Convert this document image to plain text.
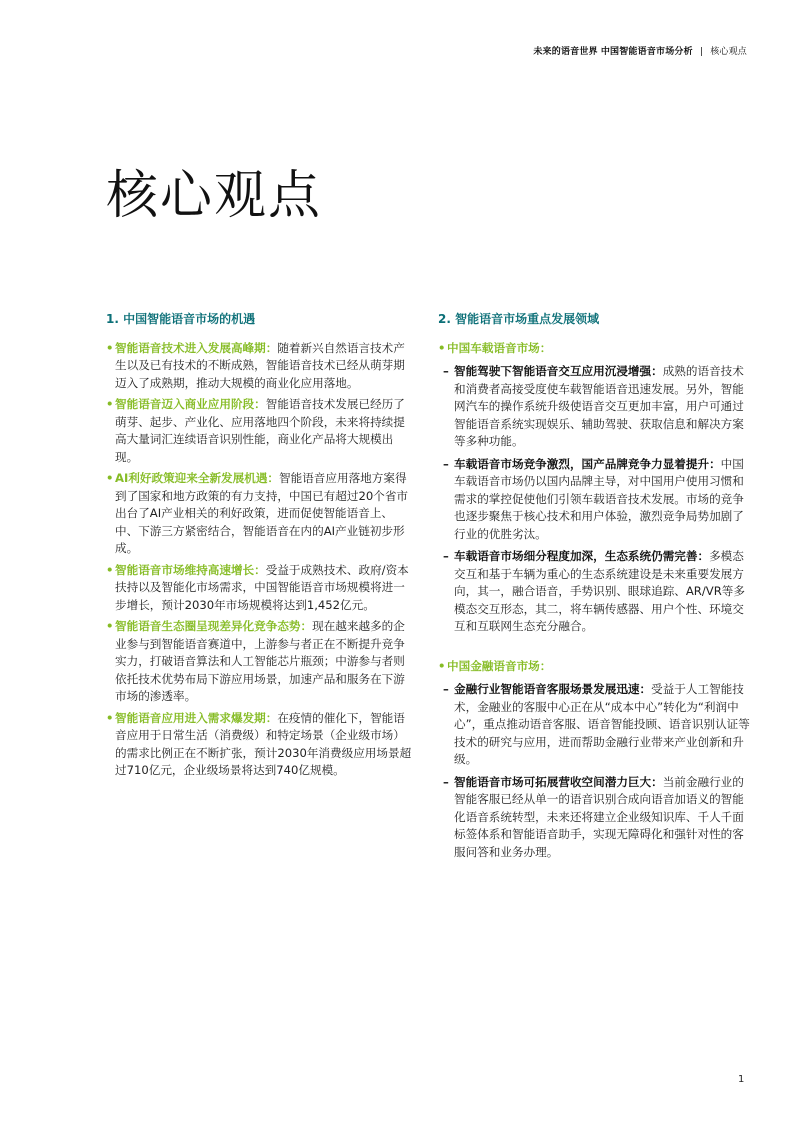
未来的语音世界 中国智能语音市场分析 | 核心观点
核心观点
1. 中国智能语音市场的机遇
• 智能语音技术进入发展高峰期：随着新兴自然语言技术产生以及已有技术的不断成熟，智能语音技术已经从萌芽期迈入了成熟期，推动大规模的商业化应用落地。
• 智能语音迈入商业应用阶段：智能语音技术发展已经历了萌芽、起步、产业化、应用落地四个阶段，未来将持续提高大量词汇连续语音识别性能，商业化产品将大规模出现。
• AI利好政策迎来全新发展机遇：智能语音应用落地方案得到了国家和地方政策的有力支持，中国已有超过20个省市出台了AI产业相关的利好政策，进而促使智能语音上、中、下游三方紧密结合，智能语音在内的AI产业链初步形成。
• 智能语音市场维持高速增长：受益于成熟技术、政府/资本扶持以及智能化市场需求，中国智能语音市场规模将进一步增长，预计2030年市场规模将达到1,452亿元。
• 智能语音生态圈呈现差异化竞争态势：现在越来越多的企业参与到智能语音赛道中，上游参与者正在不断提升竞争实力，打破语音算法和人工智能芯片瓶颈；中游参与者则依托技术优势布局下游应用场景，加速产品和服务在下游市场的渗透率。
• 智能语音应用进入需求爆发期：在疫情的催化下，智能语音应用于日常生活（消费级）和特定场景（企业级市场）的需求比例正在不断扩张，预计2030年消费级应用场景超过710亿元，企业级场景将达到740亿规模。
2. 智能语音市场重点发展领域
• 中国车载语音市场：
– 智能驾驶下智能语音交互应用沉浸增强：成熟的语音技术和消费者高接受度使车载智能语音迅速发展。另外，智能网汽车的操作系统升级使语音交互更加丰富，用户可通过智能语音系统实现娱乐、辅助驾驶、获取信息和解决方案等多种功能。
– 车载语音市场竞争激烈，国产品牌竞争力显着提升：中国车载语音市场仍以国内品牌主导，对中国用户使用习惯和需求的掌控促使他们引领车载语音技术发展。市场的竞争也逐步聚焦于核心技术和用户体验，激烈竞争局势加剧了行业的优胜劣汰。
– 车载语音市场细分程度加深，生态系统仍需完善：多模态交互和基于车辆为重心的生态系统建设是未来重要发展方向，其一，融合语音，手势识别、眼球追踪、AR/VR等多模态交互形态，其二，将车辆传感器、用户个性、环境交互和互联网生态充分融合。
• 中国金融语音市场：
– 金融行业智能语音客服场景发展迅速：受益于人工智能技术，金融业的客服中心正在从“成本中心”转化为“利润中心”，重点推动语音客服、语音智能投顾、语音识别认证等技术的研究与应用，进而帮助金融行业带来产业创新和升级。
– 智能语音市场可拓展营收空间潜力巨大：当前金融行业的智能客服已经从单一的语音识别合成向语音加语义的智能化语音系统转型，未来还将建立企业级知识库、千人千面标签体系和智能语音助手，实现无障碍化和强针对性的客服问答和业务办理。
1
